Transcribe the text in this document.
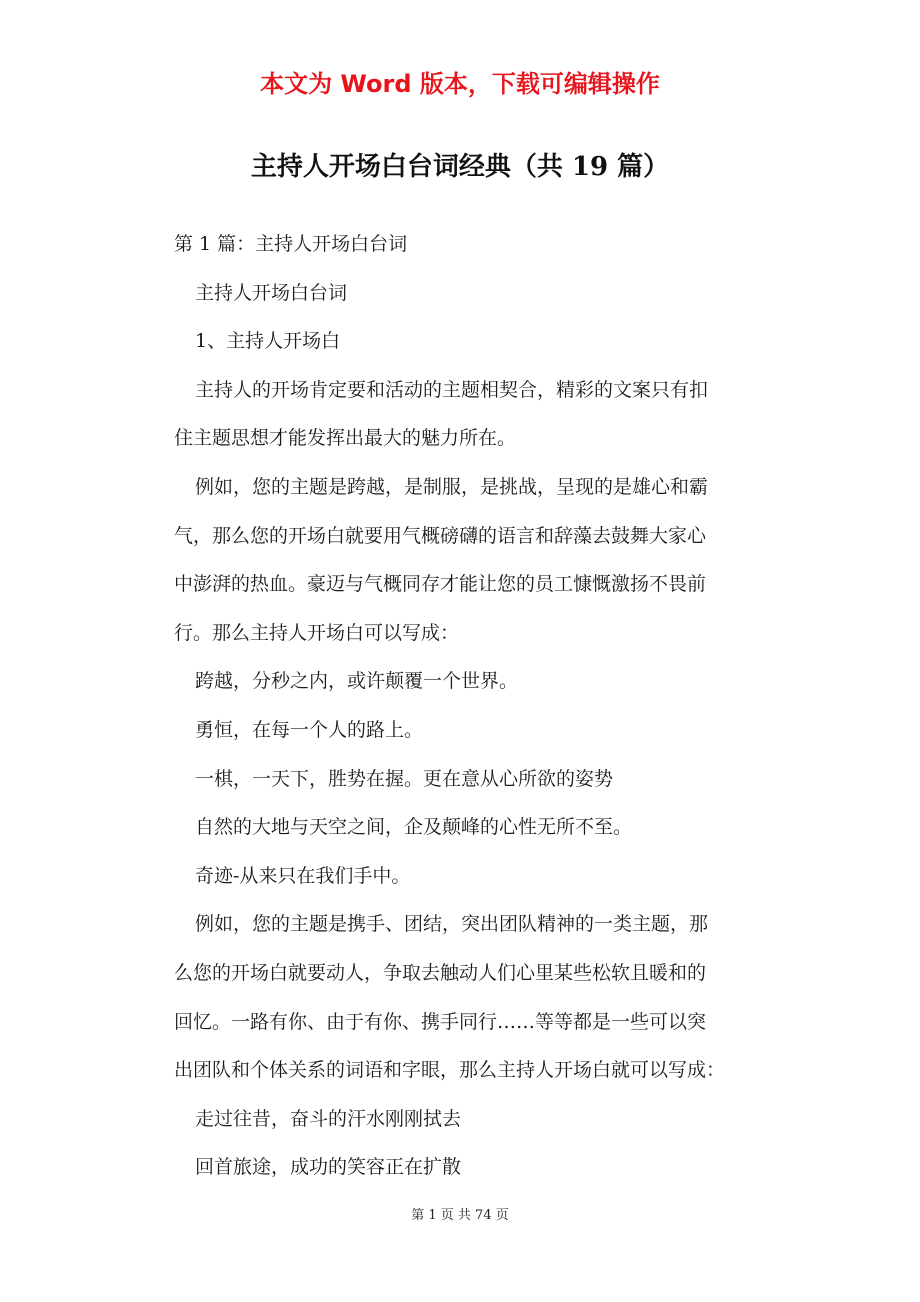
本文为 Word 版本，下载可编辑操作
主持人开场白台词经典（共 19 篇）
第 1 篇：主持人开场白台词
主持人开场白台词
1、主持人开场白
主持人的开场肯定要和活动的主题相契合，精彩的文案只有扣
住主题思想才能发挥出最大的魅力所在。
例如，您的主题是跨越，是制服，是挑战，呈现的是雄心和霸
气，那么您的开场白就要用气概磅礴的语言和辞藻去鼓舞大家心
中澎湃的热血。豪迈与气概同存才能让您的员工慷慨激扬不畏前
行。那么主持人开场白可以写成：
跨越，分秒之内，或许颠覆一个世界。
勇恒，在每一个人的路上。
一棋，一天下，胜势在握。更在意从心所欲的姿势
自然的大地与天空之间，企及颠峰的心性无所不至。
奇迹-从来只在我们手中。
例如，您的主题是携手、团结，突出团队精神的一类主题，那
么您的开场白就要动人，争取去触动人们心里某些松软且暖和的
回忆。一路有你、由于有你、携手同行……等等都是一些可以突
出团队和个体关系的词语和字眼，那么主持人开场白就可以写成：
走过往昔，奋斗的汗水刚刚拭去
回首旅途，成功的笑容正在扩散
第 1 页 共 74 页
